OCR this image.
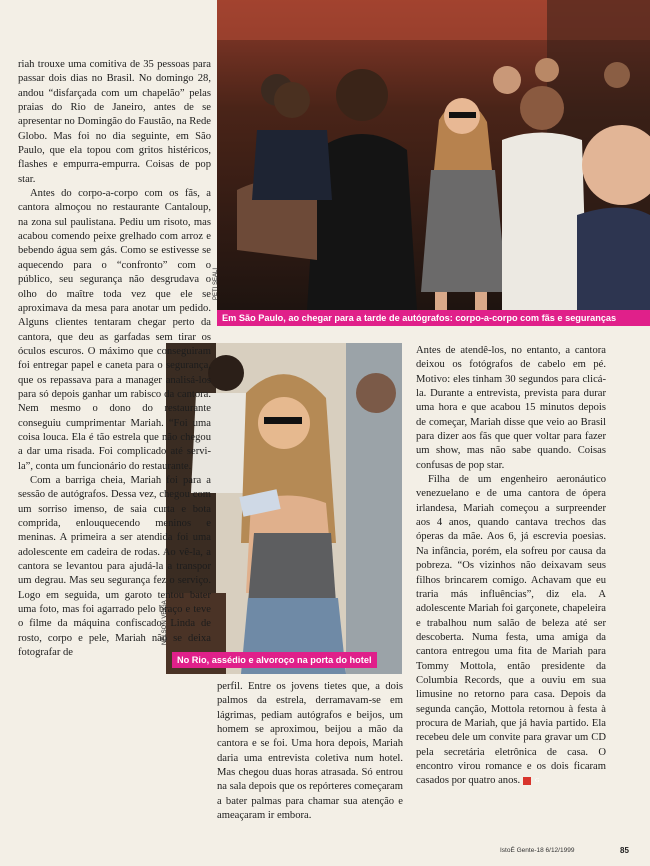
PETI SEALI
Em São Paulo, ao chegar para a tarde de autógrafos: corpo-a-corpo com fãs e seguranças
NELSON VEIGA
No Rio, assédio e alvoroço na porta do hotel

riah trouxe uma comitiva de 35 pessoas para passar dois dias no Brasil. No domingo 28, andou “disfarçada com um chapelão” pelas praias do Rio de Janeiro, antes de se apresentar no Domingão do Faustão, na Rede Globo. Mas foi no dia seguinte, em São Paulo, que ela topou com gritos histéricos, flashes e empurra-empurra. Coisas de pop star.

Antes do corpo-a-corpo com os fãs, a cantora almoçou no restaurante Cantaloup, na zona sul paulistana. Pediu um risoto, mas acabou comendo peixe grelhado com arroz e bebendo água sem gás. Como se estivesse se aquecendo para o “confronto” com o público, seu segurança não desgrudava o olho do maître toda vez que ele se aproximava da mesa para anotar um pedido. Alguns clientes tentaram chegar perto da cantora, que deu as garfadas sem tirar os óculos escuros. O máximo que conseguiram foi entregar papel e caneta para o segurança, que os repassava para a manager analisá-los para só depois ganhar um rabisco da cantora. Nem mesmo o dono do restaurante conseguiu cumprimentar Mariah. “Foi uma coisa louca. Ela é tão estrela que não chegou a dar uma risada. Foi complicado até servi-la”, conta um funcionário do restaurante.

Com a barriga cheia, Mariah foi para a sessão de autógrafos. Dessa vez, chegou com um sorriso imenso, de saia curta e bota comprida, enlouquecendo meninos e meninas. A primeira a ser atendida foi uma adolescente em cadeira de rodas. Ao vê-la, a cantora se levantou para ajudá-la a transpor um degrau. Mas seu segurança fez o serviço. Logo em seguida, um garoto tentou bater uma foto, mas foi agarrado pelo braço e teve o filme da máquina confiscado. Linda de rosto, corpo e pele, Mariah não se deixa fotografar de

perfil. Entre os jovens tietes que, a dois palmos da estrela, derramavam-se em lágrimas, pediam autógrafos e beijos, um homem se aproximou, beijou a mão da cantora e se foi. Uma hora depois, Mariah daria uma entrevista coletiva num hotel. Mas chegou duas horas atrasada. Só entrou na sala depois que os repórteres começaram a bater palmas para chamar sua atenção e ameaçaram ir embora.

Antes de atendê-los, no entanto, a cantora deixou os fotógrafos de cabelo em pé. Motivo: eles tinham 30 segundos para clicá-la. Durante a entrevista, prevista para durar uma hora e que acabou 15 minutos depois de começar, Mariah disse que veio ao Brasil para dizer aos fãs que quer voltar para fazer um show, mas não sabe quando. Coisas confusas de pop star.

Filha de um engenheiro aeronáutico venezuelano e de uma cantora de ópera irlandesa, Mariah começou a surpreender aos 4 anos, quando cantava trechos das óperas da mãe. Aos 6, já escrevia poesias. Na infância, porém, ela sofreu por causa da pobreza. “Os vizinhos não deixavam seus filhos brincarem comigo. Achavam que eu traria más influências”, diz ela. A adolescente Mariah foi garçonete, chapeleira e trabalhou num salão de beleza até ser descoberta. Numa festa, uma amiga da cantora entregou uma fita de Mariah para Tommy Mottola, então presidente da Columbia Records, que a ouviu em sua limusine no retorno para casa. Depois da segunda canção, Mottola retornou à festa à procura de Mariah, que já havia partido. Ela recebeu dele um convite para gravar um CD pela secretária eletrônica de casa. O encontro virou romance e os dois ficaram casados por quatro anos.	G

IstoÉ Gente-18 6/12/1999	85
